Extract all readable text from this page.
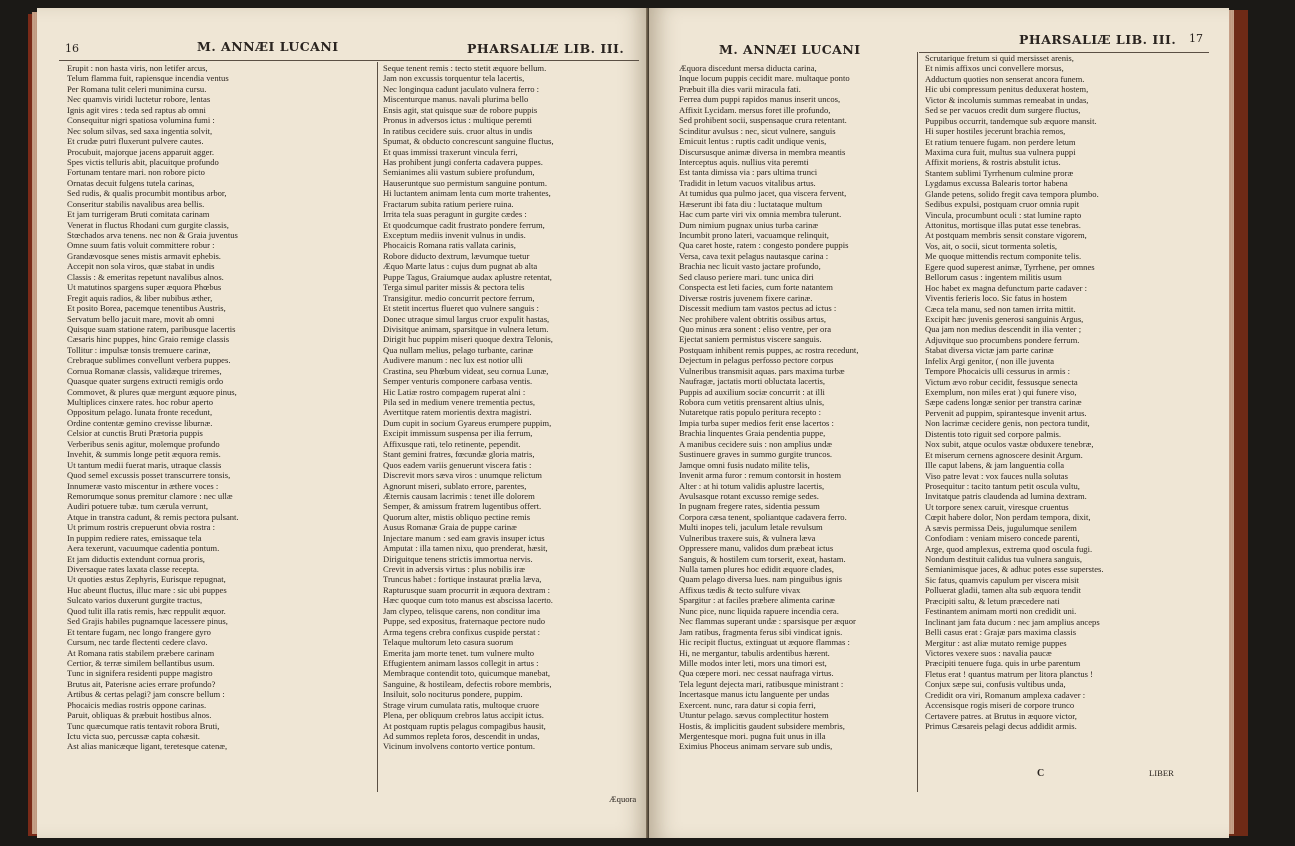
16	M. ANNÆI LUCANI	PHARSALIÆ LIB. III.
Erupit : non hasta viris, non letifer arcus,
Telum flamma fuit, rapiensque incendia ventus
Per Romana tulit celeri munimina cursu.
Nec quamvis viridi luctetur robore, lentas
Ignis agit vires : teda sed raptus ab omni
Consequitur nigri spatiosa volumina fumi :
Nec solum silvas, sed saxa ingentia solvit,
Et crudæ putri fluxerunt pulvere cautes.
Procubuit, majorque jacens apparuit agger.
Spes victis telluris abit, placuitque profundo
Fortunam tentare mari. non robore picto
Ornatas decuit fulgens tutela carinas,
Sed rudis, & qualis procumbit montibus arbor,
Conseritur stabilis navalibus area bellis.
Et jam turrigeram Bruti comitata carinam
Venerat in fluctus Rhodani cum gurgite classis,
Stœchados arva tenens. nec non & Graia juventus
Omne suum fatis voluit committere robur :
Grandævosque senes mistis armavit ephebis.
Accepit non sola viros, quæ stabat in undis
Classis : & emeritas repetunt navalibus alnos.
Ut matutinos spargens super æquora Phœbus
Fregit aquis radios, & liber nubibus æther,
Et posito Borea, pacemque tenentibus Austris,
Servatum bello jacuit mare, movit ab omni
Quisque suam statione ratem, paribusque lacertis
Cæsaris hinc puppes, hinc Graio remige classis
Tollitur : impulsæ tonsis tremuere carinæ,
Crebraque sublimes convellunt verbera puppes.
Cornua Romanæ classis, validæque triremes,
Quasque quater surgens extructi remigis ordo
Commovet, & plures quæ mergunt æquore pinus,
Multiplices cinxere rates. hoc robur aperto
Oppositum pelago. lunata fronte recedunt,
Ordine contentæ gemino crevisse liburnæ.
Celsior at cunctis Bruti Prætoria puppis
Verberibus senis agitur, molemque profundo
Invehit, & summis longe petit æquora remis.
Ut tantum medii fuerat maris, utraque classis
Quod semel excussis posset transcurrere tonsis,
Innumeræ vasto miscentur in æthere voces :
Remorumque sonus premitur clamore : nec ullæ
Audiri potuere tubæ. tum cærula verrunt,
Atque in transtra cadunt, & remis pectora pulsant.
Ut primum rostris crepuerunt obvia rostra :
In puppim rediere rates, emissaque tela
Aera texerunt, vacuumque cadentia pontum.
Et jam diductis extendunt cornua proris,
Diversaque rates laxata classe recepta.
Ut quoties æstus Zephyris, Eurisque repugnat,
Huc abeunt fluctus, illuc mare : sic ubi puppes
Sulcato varios duxerunt gurgite tractus,
Quod tulit illa ratis remis, hæc reppulit æquor.
Sed Grajis habiles pugnamque lacessere pinus,
Et tentare fugam, nec longo frangere gyro
Cursum, nec tarde flectenti cedere clavo.
At Romana ratis stabilem præbere carinam
Certior, & terræ similem bellantibus usum.
Tunc in signifera residenti puppe magistro
Brutus ait, Paterisne acies errare profundo?
Artibus & certas pelagi? jam conscre bellum :
Phocaicis medias rostris oppone carinas.
Paruit, obliquas & præbuit hostibus alnos.
Tunc quæcumque ratis tentavit robora Bruti,
Ictu victa suo, percussæ capta cohæsit.
Ast alias manicæque ligant, teretesque catenæ,
Seque tenent remis : tecto stetit æquore bellum.
Jam non excussis torquentur tela lacertis,
Nec longinqua cadunt jaculato vulnera ferro :
Miscenturque manus. navali plurima bello
Ensis agit, stat quisque suæ de robore puppis
Pronus in adversos ictus : multique peremti
In ratibus cecidere suis. cruor altus in undis
Spumat, & obducto concrescunt sanguine fluctus,
Et quas immissi traxerunt vincula ferri,
Has prohibent jungi conferta cadavera puppes.
Semianimes alii vastum subiere profundum,
Hauseruntque suo permistum sanguine pontum.
Hi luctantem animam lenta cum morte trahentes,
Fractarum subita ratium periere ruina.
Irrita tela suas peragunt in gurgite cædes :
Et quodcumque cadit frustrato pondere ferrum,
Exceptum mediis invenit vulnus in undis.
Phocaicis Romana ratis vallata carinis,
Robore diducto dextrum, lævumque tuetur
Æquo Marte latus : cujus dum pugnat ab alta
Puppe Tagus, Graiumque audax aplustre retentat,
Terga simul pariter missis & pectora telis
Transigitur. medio concurrit pectore ferrum,
Et stetit incertus flueret quo vulnere sanguis :
Donec utraque simul largus cruor expulit hastas,
Divisitque animam, sparsitque in vulnera letum.
Dirigit huc puppim miseri quoque dextra Telonis,
Qua nullam melius, pelago turbante, carinæ
Audivere manum : nec lux est notior ulli
Crastina, seu Phœbum videat, seu cornua Lunæ,
Semper venturis componere carbasa ventis.
Hic Latiæ rostro compagem ruperat alni :
Pila sed in medium venere trementia pectus,
Avertitque ratem morientis dextra magistri.
Dum cupit in socium Gyareus erumpere puppim,
Excipit immissum suspensa per ilia ferrum,
Affixusque rati, telo retinente, pependit.
Stant gemini fratres, fœcundæ gloria matris,
Quos eadem variis genuerunt viscera fatis :
Discrevit mors sæva viros : unumque relictum
Agnorunt miseri, sublato errore, parentes,
Æternis causam lacrimis : tenet ille dolorem
Semper, & amissum fratrem lugentibus offert.
Quorum alter, mistis obliquo pectine remis
Ausus Romanæ Graia de puppe carinæ
Injectare manum : sed eam gravis insuper ictus
Amputat : illa tamen nixu, quo prenderat, hæsit,
Diriguitque tenens strictis immortua nervis.
Crevit in adversis virtus : plus nobilis iræ
Truncus habet : fortique instaurat prælia læva,
Rapturusque suam procurrit in æquora dextram :
Hæc quoque cum toto manus est abscissa lacerto.
Jam clypeo, telisque carens, non conditur ima
Puppe, sed expositus, fraternaque pectore nudo
Arma tegens crebra confixus cuspide perstat :
Telaque multorum leto casura suorum
Emerita jam morte tenet. tum vulnere multo
Effugientem animam lassos collegit in artus :
Membraque contendit toto, quicumque manebat,
Sanguine, & hostileam, defectis robore membris,
Insiluit, solo nociturus pondere, puppim.
Strage virum cumulata ratis, multoque cruore
Plena, per obliquum crebros latus accipit ictus.
At postquam ruptis pelagus compagibus hausit,
Ad summos repleta foros, descendit in undas,
Vicinum involvens contorto vertice pontum.
Æquora
M. ANNÆI LUCANI
PHARSALIÆ LIB. III. 17
Æquora discedunt mersa diducta carina,
Inque locum puppis cecidit mare. multaque ponto
Præbuit illa dies varii miracula fati.
Ferrea dum puppi rapidos manus inserit uncos,
Affixit Lycidam. mersus foret ille profundo,
Sed prohibent socii, suspensaque crura retentant.
Scinditur avulsus : nec, sicut vulnere, sanguis
Emicuit lentus : ruptis cadit undique venis,
Discursusque animæ diversa in membra meantis
Interceptus aquis. nullius vita peremti
Est tanta dimissa via : pars ultima trunci
Tradidit in letum vacuos vitalibus artus.
At tumidus qua pulmo jacet, qua viscera fervent,
Hæserunt ibi fata diu : luctataque multum
Hac cum parte viri vix omnia membra tulerunt.
Dum nimium pugnax unius turba carinæ
Incumbit prono lateri, vacuamque relinquit,
Qua caret hoste, ratem : congesto pondere puppis
Versa, cava texit pelagus nautasque carina :
Brachia nec licuit vasto jactare profundo,
Sed clauso periere mari. tunc unica diri
Conspecta est leti facies, cum forte natantem
Diversæ rostris juvenem fixere carinæ.
Discessit medium tam vastos pectus ad ictus :
Nec prohibere valent obtritis ossibus artus,
Quo minus æra sonent : eliso ventre, per ora
Ejectat saniem permistus viscere sanguis.
Postquam inhibent remis puppes, ac rostra recedunt,
Dejectum in pelagus perfosso pectore corpus
Vulneribus transmisit aquas. pars maxima turbæ
Naufragæ, jactatis morti obluctata lacertis,
Puppis ad auxilium sociæ concurrit : at illi
Robora cum vetitis prensarent altius ulnis,
Nutaretque ratis populo peritura recepto :
Impia turba super medios ferit ense lacertos :
Brachia linquentes Graia pendentia puppe,
A manibus cecidere suis : non amplius undæ
Sustinuere graves in summo gurgite truncos.
Jamque omni fusis nudato milite telis,
Invenit arma furor : remum contorsit in hostem
Alter : at hi totum validis aplustre lacertis,
Avulsasque rotant excusso remige sedes.
In pugnam fregere rates, sidentia pessum
Corpora cæsa tenent, spoliantque cadavera ferro.
Multi inopes teli, jaculum letale revulsum
Vulneribus traxere suis, & vulnera læva
Oppressere manu, validos dum præbeat ictus
Sanguis, & hostilem cum torserit, exeat, hastam.
Nulla tamen plures hoc edidit æquore clades,
Quam pelago diversa lues. nam pinguibus ignis
Affixus tædis & tecto sulfure vivax
Spargitur : at faciles præbere alimenta carinæ
Nunc pice, nunc liquida rapuere incendia cera.
Nec flammas superant undæ : sparsisque per æquor
Jam ratibus, fragmenta ferus sibi vindicat ignis.
Hic recipit fluctus, extinguat ut æquore flammas :
Hi, ne mergantur, tabulis ardentibus hærent.
Mille modos inter leti, mors una timori est,
Qua cœpere mori. nec cessat naufraga virtus.
Tela legunt dejecta mari, ratibusque ministrant :
Incertasque manus ictu languente per undas
Exercent. nunc, rara datur si copia ferri,
Utuntur pelago. sævus complectitur hostem
Hostis, & implicitis gaudent subsidere membris,
Mergentesque mori. pugna fuit unus in illa
Eximius Phoceus animam servare sub undis,
Scrutarique fretum si quid mersisset arenis,
Et nimis affixos unci convellere morsus,
Adductum quoties non senserat ancora funem.
Hic ubi compressum penitus deduxerat hostem,
Victor & incolumis summas remeabat in undas,
Sed se per vacuos credit dum surgere fluctus,
Puppibus occurrit, tandemque sub æquore mansit.
Hi super hostiles jecerunt brachia remos,
Et ratium tenuere fugam. non perdere letum
Maxima cura fuit, multus sua vulnera puppi
Affixit moriens, & rostris abstulit ictus.
Stantem sublimi Tyrrhenum culmine proræ
Lygdamus excussa Balearis tortor habena
Glande petens, solido fregit cava tempora plumbo.
Sedibus expulsi, postquam cruor omnia rupit
Vincula, procumbunt oculi : stat lumine rapto
Attonitus, mortisque illas putat esse tenebras.
At postquam membris sensit constare vigorem,
Vos, ait, o socii, sicut tormenta soletis,
Me quoque mittendis rectum componite telis.
Egere quod superest animæ, Tyrrhene, per omnes
Bellorum casus : ingentem militis usum
Hoc habet ex magna defunctum parte cadaver :
Viventis ferieris loco. Sic fatus in hostem
Cæca tela manu, sed non tamen irrita mittit.
Excipit hæc juvenis generosi sanguinis Argus,
Qua jam non medius descendit in ilia venter ;
Adjuvitque suo procumbens pondere ferrum.
Stabat diversa victæ jam parte carinæ
Infelix Argi genitor, ( non ille juventa
Tempore Phocaicis ulli cessurus in armis :
Victum ævo robur cecidit, fessusque senecta
Exemplum, non miles erat ) qui funere viso,
Sæpe cadens longæ senior per transtra carinæ
Pervenit ad puppim, spirantesque invenit artus.
Non lacrimæ cecidere genis, non pectora tundit,
Distentis toto riguit sed corpore palmis.
Nox subit, atque oculos vastæ obduxere tenebræ,
Et miserum cernens agnoscere desinit Argum.
Ille caput labens, & jam languentia colla
Viso patre levat : vox fauces nulla solutas
Prosequitur : tacito tantum petit oscula vultu,
Invitatque patris claudenda ad lumina dextram.
Ut torpore senex caruit, viresque cruentus
Cœpit habere dolor, Non perdam tempora, dixit,
A sævis permissa Deis, jugulumque senilem
Confodiam : veniam misero concede parenti,
Arge, quod amplexus, extrema quod oscula fugi.
Nondum destituit calidus tua vulnera sanguis,
Semianimisque jaces, & adhuc potes esse superstes.
Sic fatus, quamvis capulum per viscera misit
Polluerat gladii, tamen alta sub æquora tendit
Præcipiti saltu, & letum præcedere nati
Festinantem animam morti non credidit uni.
Inclinant jam fata ducum : nec jam amplius anceps
Belli casus erat : Grajæ pars maxima classis
Mergitur : ast aliæ mutato remige puppes
Victores vexere suos : navalia paucæ
Præcipiti tenuere fuga. quis in urbe parentum
Fletus erat ! quantus matrum per litora planctus !
Conjux sæpe sui, confusis vultibus unda,
Credidit ora viri, Romanum amplexa cadaver :
Accensisque rogis miseri de corpore trunco
Certavere patres. at Brutus in æquore victor,
Primus Cæsareis pelagi decus addidit armis.
C	LIBER
